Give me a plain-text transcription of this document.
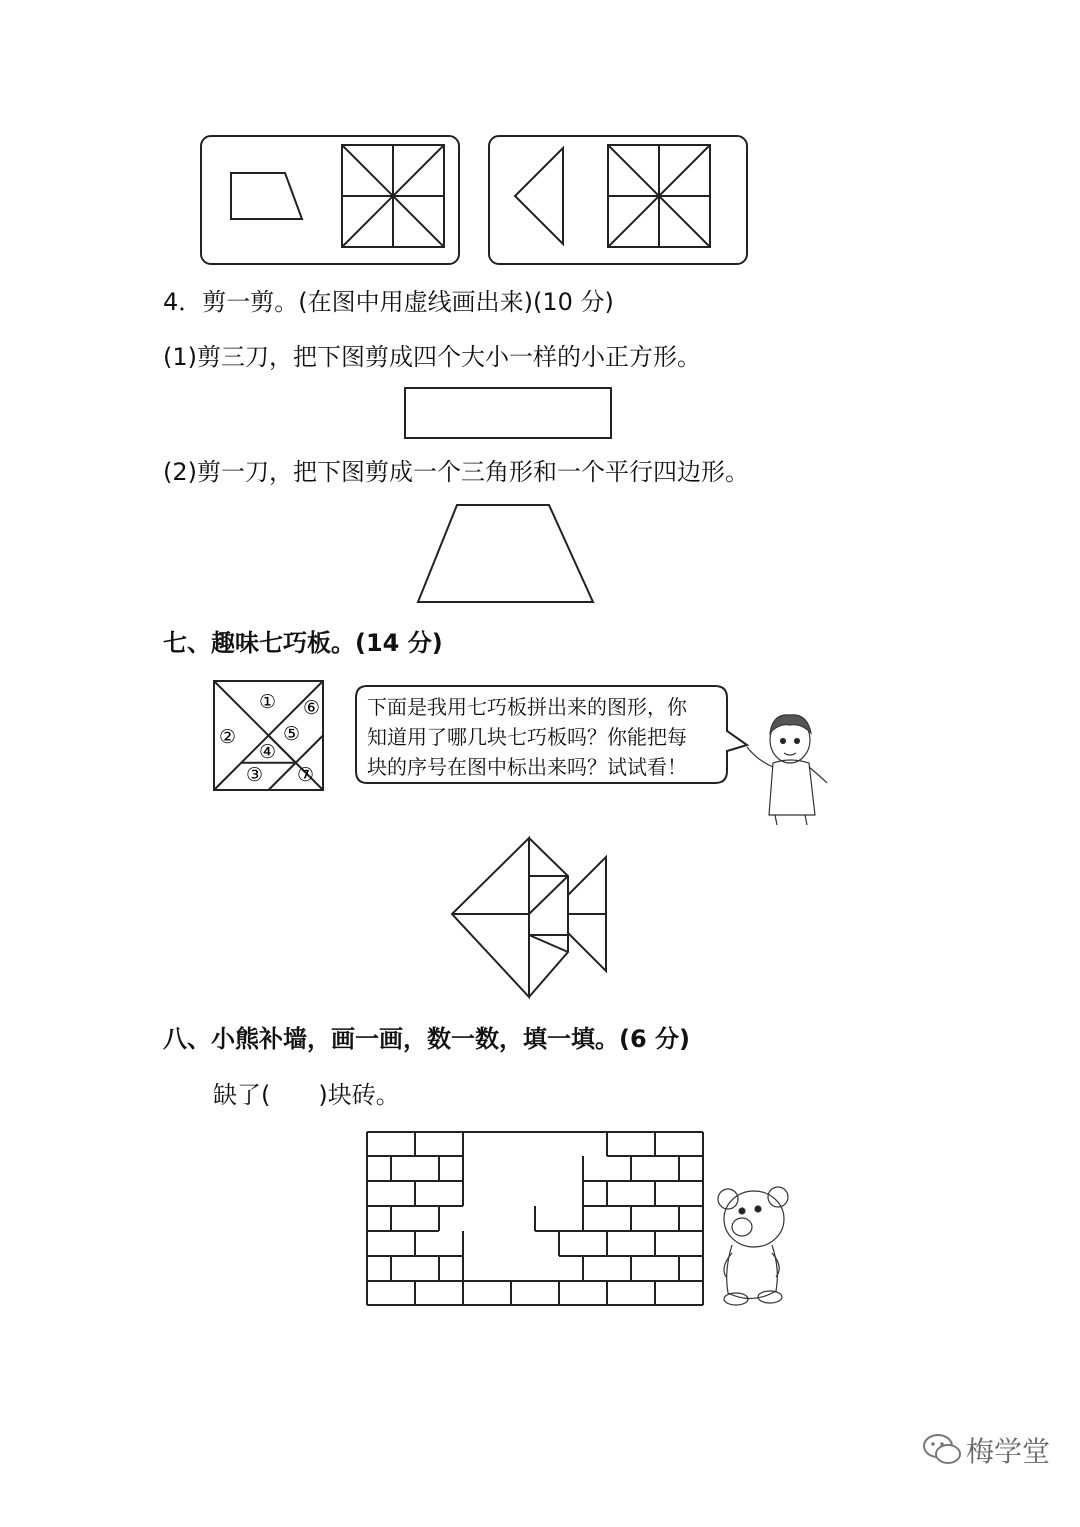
4．剪一剪。(在图中用虚线画出来)(10 分)
(1)剪三刀，把下图剪成四个大小一样的小正方形。
(2)剪一刀，把下图剪成一个三角形和一个平行四边形。
七、趣味七巧板。(14 分)
①
②
③
④
⑤
⑥
⑦
下面是我用七巧板拼出来的图形，你
知道用了哪几块七巧板吗？你能把每
块的序号在图中标出来吗？试试看！
八、小熊补墙，画一画，数一数，填一填。(6 分)
缺了(　　)块砖。
梅学堂
